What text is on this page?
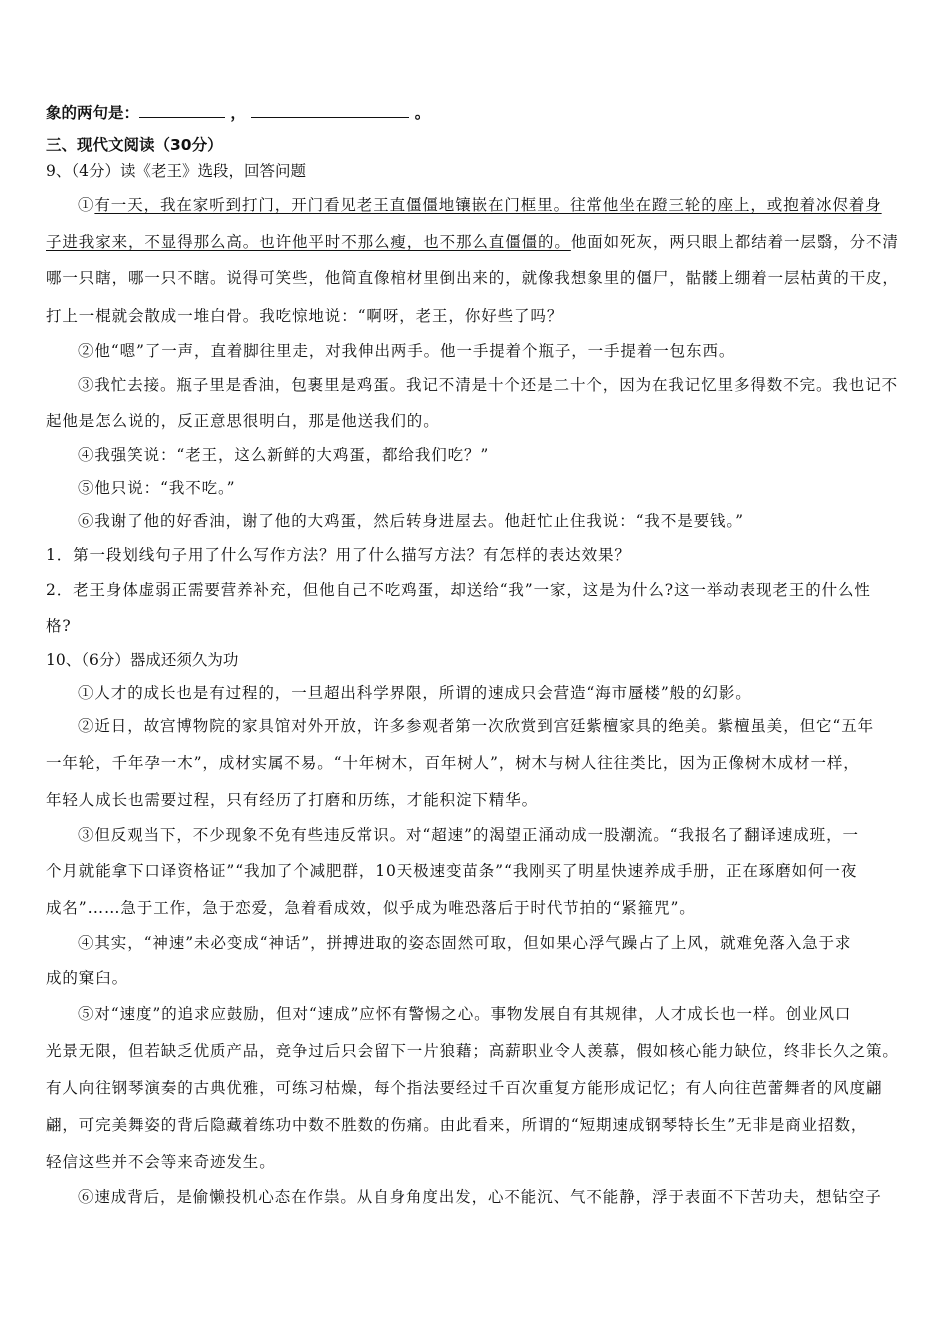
象的两句是：	，	。
三、现代文阅读（30分）
9、（4分）读《老王》选段，回答问题
①有一天，我在家听到打门，开门看见老王直僵僵地镶嵌在门框里。往常他坐在蹬三轮的座上，或抱着冰侭着身
子进我家来，不显得那么高。也许他平时不那么瘦，也不那么直僵僵的。他面如死灰，两只眼上都结着一层翳，分不清
哪一只瞎，哪一只不瞎。说得可笑些，他简直像棺材里倒出来的，就像我想象里的僵尸，骷髅上绷着一层枯黄的干皮，
打上一棍就会散成一堆白骨。我吃惊地说：“啊呀，老王，你好些了吗？
②他“嗯”了一声，直着脚往里走，对我伸出两手。他一手提着个瓶子，一手提着一包东西。
③我忙去接。瓶子里是香油，包裹里是鸡蛋。我记不清是十个还是二十个，因为在我记忆里多得数不完。我也记不
起他是怎么说的，反正意思很明白，那是他送我们的。
④我强笑说：“老王，这么新鲜的大鸡蛋，都给我们吃？”
⑤他只说：“我不吃。”
⑥我谢了他的好香油，谢了他的大鸡蛋，然后转身进屋去。他赶忙止住我说：“我不是要钱。”
1．第一段划线句子用了什么写作方法？用了什么描写方法？有怎样的表达效果？
2．老王身体虚弱正需要营养补充，但他自己不吃鸡蛋，却送给“我”一家，这是为什么?这一举动表现老王的什么性
格?
10、（6分）器成还须久为功
①人才的成长也是有过程的，一旦超出科学界限，所谓的速成只会营造“海市蜃楼”般的幻影。
②近日，故宫博物院的家具馆对外开放，许多参观者第一次欣赏到宫廷紫檀家具的绝美。紫檀虽美，但它“五年
一年轮，千年孕一木”，成材实属不易。“十年树木，百年树人”，树木与树人往往类比，因为正像树木成材一样，
年轻人成长也需要过程，只有经历了打磨和历练，才能积淀下精华。
③但反观当下，不少现象不免有些违反常识。对“超速”的渴望正涌动成一股潮流。“我报名了翻译速成班，一
个月就能拿下口译资格证”“我加了个减肥群，10天极速变苗条”“我刚买了明星快速养成手册，正在琢磨如何一夜
成名”……急于工作，急于恋爱，急着看成效，似乎成为唯恐落后于时代节拍的“紧箍咒”。
④其实，“神速”未必变成“神话”，拼搏进取的姿态固然可取，但如果心浮气躁占了上风，就难免落入急于求
成的窠臼。
⑤对“速度”的追求应鼓励，但对“速成”应怀有警惕之心。事物发展自有其规律，人才成长也一样。创业风口
光景无限，但若缺乏优质产品，竞争过后只会留下一片狼藉；高薪职业令人羡慕，假如核心能力缺位，终非长久之策。
有人向往钢琴演奏的古典优雅，可练习枯燥，每个指法要经过千百次重复方能形成记忆；有人向往芭蕾舞者的风度翩
翩，可完美舞姿的背后隐藏着练功中数不胜数的伤痛。由此看来，所谓的“短期速成钢琴特长生”无非是商业招数，
轻信这些并不会等来奇迹发生。
⑥速成背后，是偷懒投机心态在作祟。从自身角度出发，心不能沉、气不能静，浮于表面不下苦功夫，想钻空子
